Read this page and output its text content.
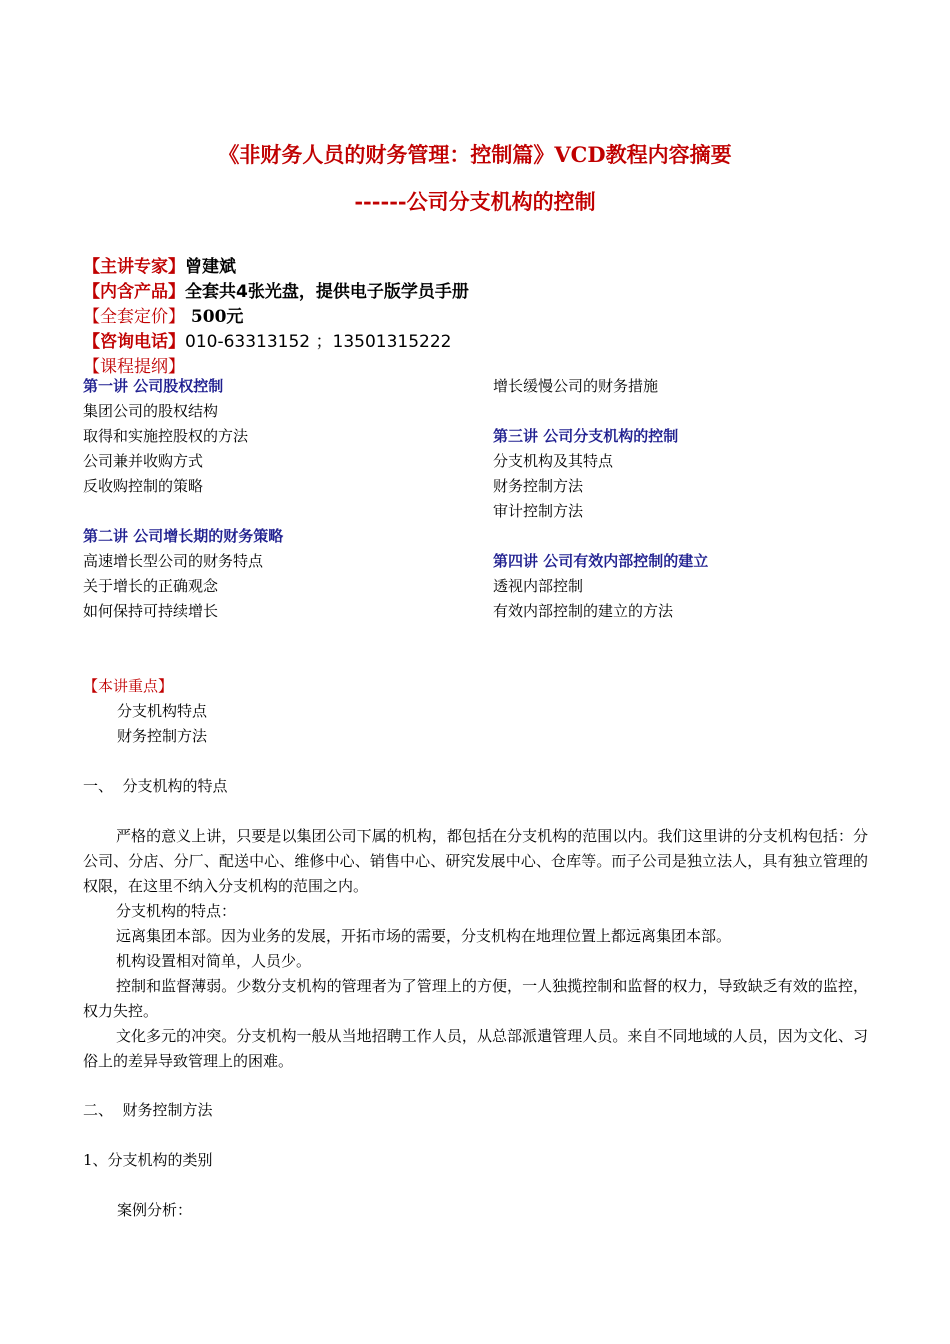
《非财务人员的财务管理：控制篇》VCD教程内容摘要
------公司分支机构的控制
【主讲专家】曾建斌
【内含产品】全套共4张光盘，提供电子版学员手册
【全套定价】 500元
【咨询电话】010-63313152 ；13501315222
【课程提纲】
第一讲 公司股权控制
集团公司的股权结构
取得和实施控股权的方法
公司兼并收购方式
反收购控制的策略
第二讲 公司增长期的财务策略
高速增长型公司的财务特点
关于增长的正确观念
如何保持可持续增长
增长缓慢公司的财务措施
第三讲 公司分支机构的控制
分支机构及其特点
财务控制方法
审计控制方法
第四讲 公司有效内部控制的建立
透视内部控制
有效内部控制的建立的方法
【本讲重点】
分支机构特点
财务控制方法
一、  分支机构的特点
严格的意义上讲，只要是以集团公司下属的机构，都包括在分支机构的范围以内。我们这里讲的分支机构包括：分公司、分店、分厂、配送中心、维修中心、销售中心、研究发展中心、仓库等。而子公司是独立法人，具有独立管理的权限，在这里不纳入分支机构的范围之内。
分支机构的特点：
远离集团本部。因为业务的发展，开拓市场的需要，分支机构在地理位置上都远离集团本部。
机构设置相对简单，人员少。
控制和监督薄弱。少数分支机构的管理者为了管理上的方便，一人独揽控制和监督的权力，导致缺乏有效的监控，权力失控。
文化多元的冲突。分支机构一般从当地招聘工作人员，从总部派遣管理人员。来自不同地域的人员，因为文化、习俗上的差异导致管理上的困难。
二、  财务控制方法
1、分支机构的类别
案例分析：
